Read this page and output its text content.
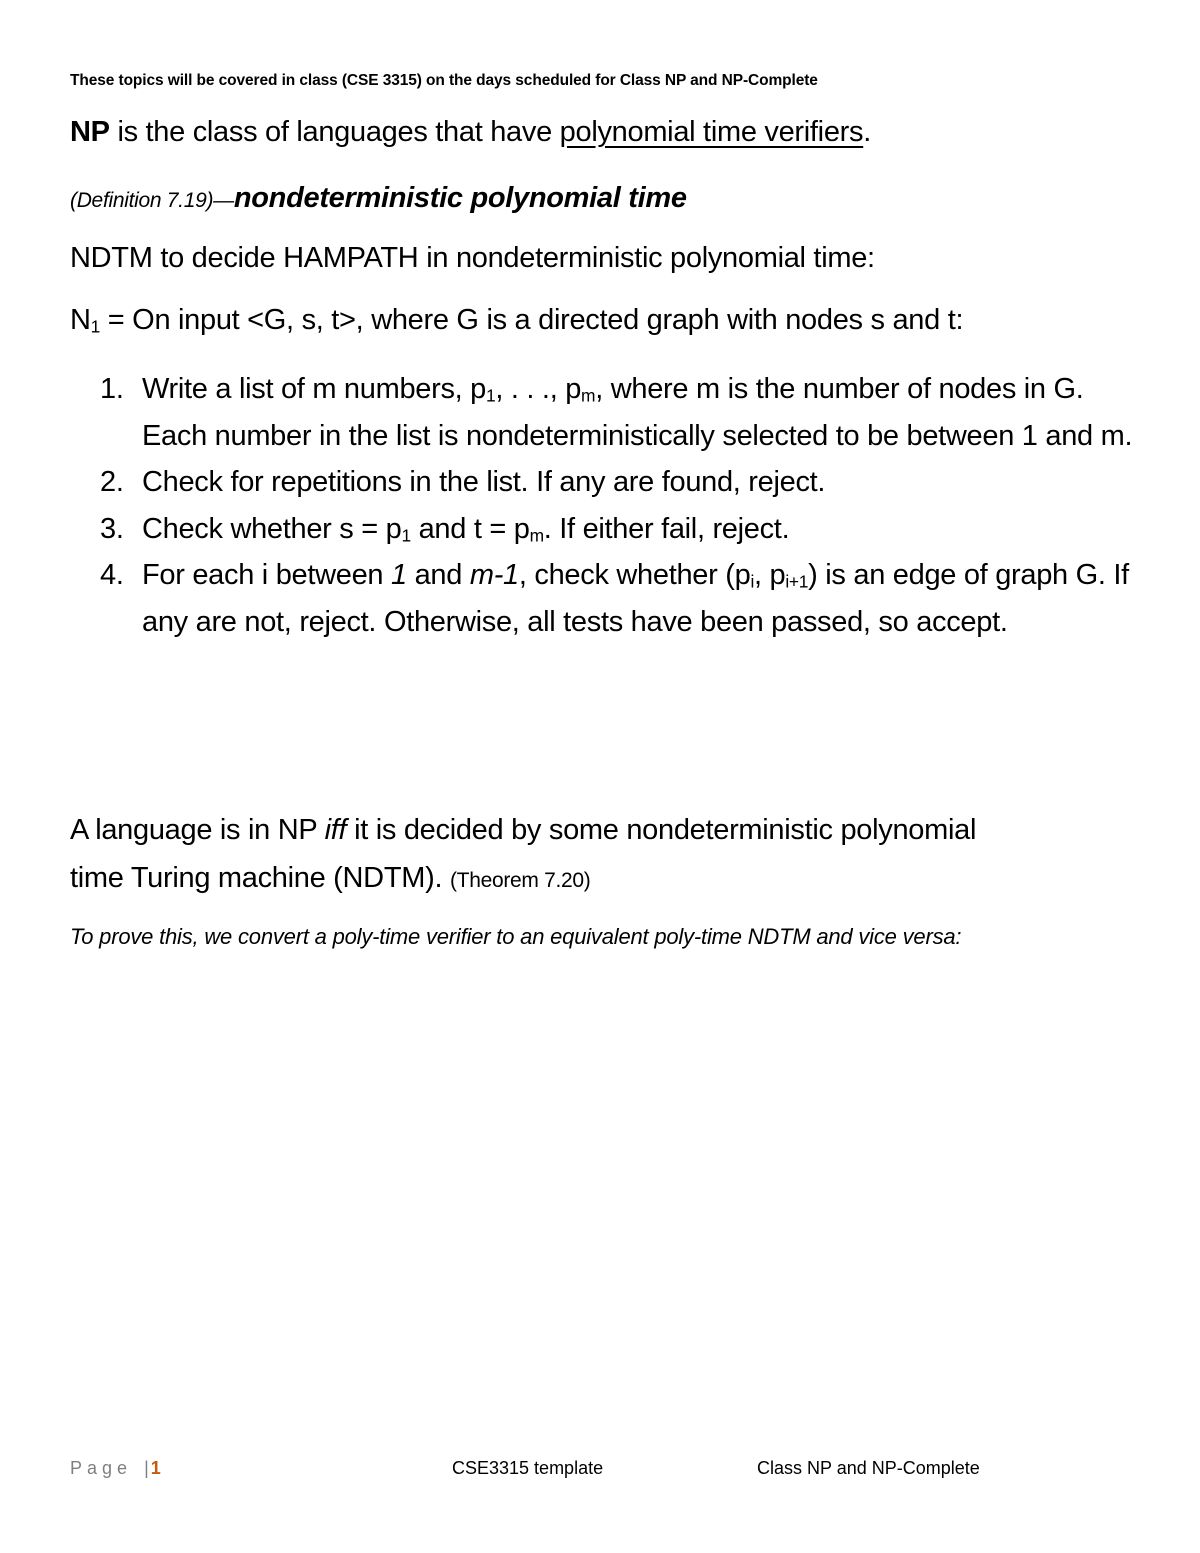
These topics will be covered in class (CSE 3315) on the days scheduled for Class NP and NP-Complete
NP is the class of languages that have polynomial time verifiers.
(Definition 7.19)—nondeterministic polynomial time
NDTM to decide HAMPATH in nondeterministic polynomial time:
$N_1 = On$ input <G, s, t>, where G is a directed graph with nodes s and t:
1. Write a list of m numbers, $p_1$, . . ., $p_m$, where m is the number of nodes in G. Each number in the list is nondeterministically selected to be between 1 and m.
2. Check for repetitions in the list. If any are found, reject.
3. Check whether $s = p_1$ and $t = p_m$. If either fail, reject.
4. For each i between 1 and m-1, check whether ($p_i$, $p_{i+1}$) is an edge of graph G. If any are not, reject. Otherwise, all tests have been passed, so accept.
A language is in NP iff it is decided by some nondeterministic polynomial
time Turing machine (NDTM). (Theorem 7.20)
To prove this, we convert a poly-time verifier to an equivalent poly-time NDTM and vice versa:
Page | 1	CSE3315 template	Class NP and NP-Complete
